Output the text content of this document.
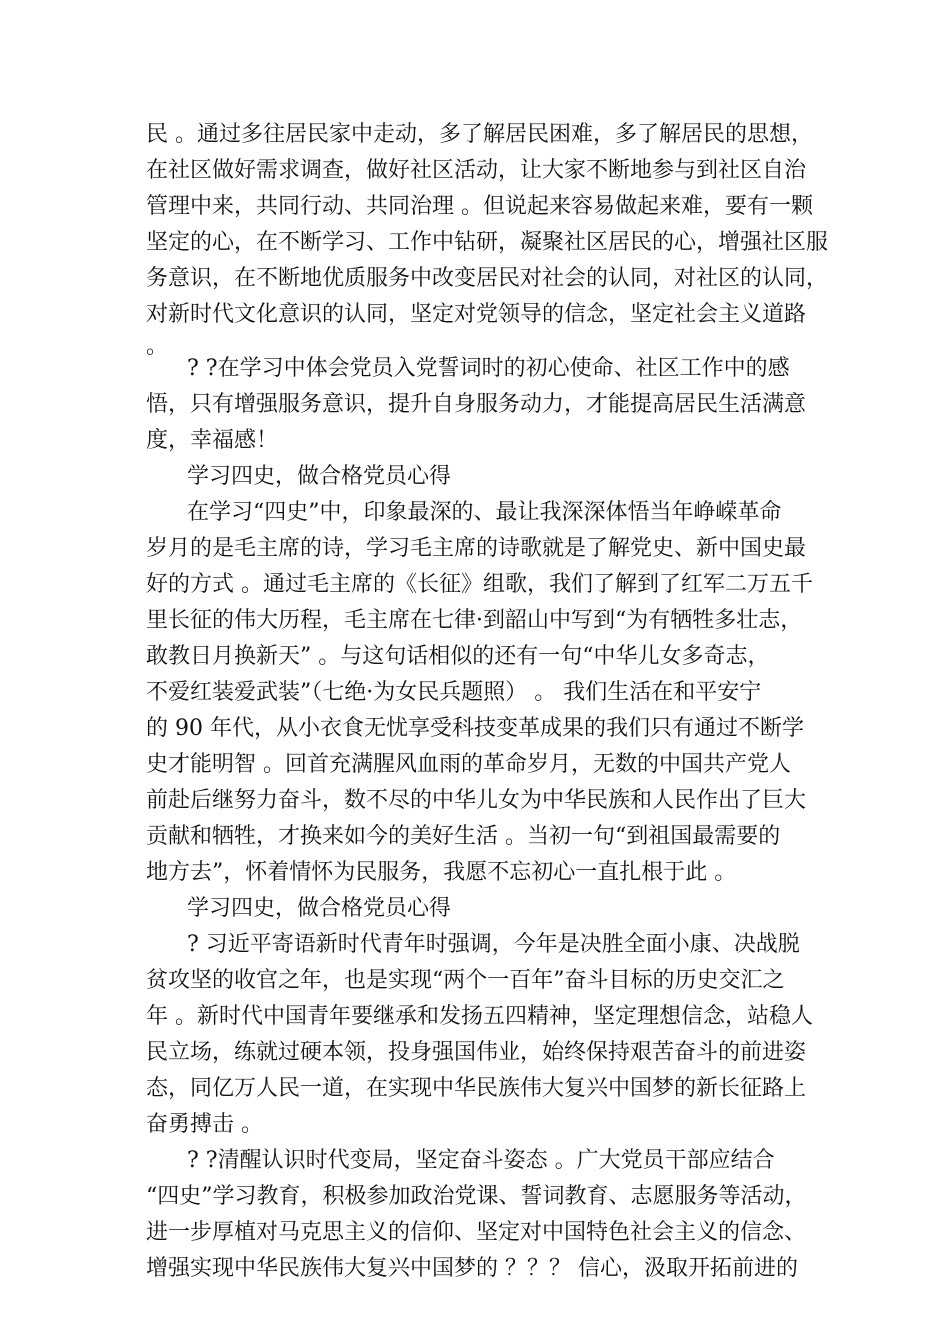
民 。通过多往居民家中走动，多了解居民困难，多了解居民的思想，
在社区做好需求调查，做好社区活动，让大家不断地参与到社区自治
管理中来，共同行动、共同治理 。但说起来容易做起来难，要有一颗
坚定的心，在不断学习、工作中钻研，凝聚社区居民的心，增强社区服
务意识，在不断地优质服务中改变居民对社会的认同，对社区的认同，
对新时代文化意识的认同，坚定对党领导的信念，坚定社会主义道路
。
? ?在学习中体会党员入党誓词时的初心使命、社区工作中的感
悟，只有增强服务意识，提升自身服务动力，才能提高居民生活满意
度，幸福感！
学习四史，做合格党员心得
在学习“四史”中，印象最深的、最让我深深体悟当年峥嵘革命
岁月的是毛主席的诗，学习毛主席的诗歌就是了解党史、新中国史最
好的方式 。通过毛主席的《长征》组歌，我们了解到了红军二万五千
里长征的伟大历程，毛主席在七律·到韶山中写到“为有牺牲多壮志，
敢教日月换新天” 。与这句话相似的还有一句“中华儿女多奇志，
不爱红装爱武装”（七绝·为女民兵题照） 。 我们生活在和平安宁
的 90 年代，从小衣食无忧享受科技变革成果的我们只有通过不断学
史才能明智 。回首充满腥风血雨的革命岁月，无数的中国共产党人
前赴后继努力奋斗，数不尽的中华儿女为中华民族和人民作出了巨大
贡献和牺牲，才换来如今的美好生活 。当初一句“到祖国最需要的
地方去”，怀着情怀为民服务，我愿不忘初心一直扎根于此 。
学习四史，做合格党员心得
? 习近平寄语新时代青年时强调，今年是决胜全面小康、决战脱
贫攻坚的收官之年，也是实现“两个一百年”奋斗目标的历史交汇之
年 。新时代中国青年要继承和发扬五四精神，坚定理想信念，站稳人
民立场，练就过硬本领，投身强国伟业，始终保持艰苦奋斗的前进姿
态，同亿万人民一道，在实现中华民族伟大复兴中国梦的新长征路上
奋勇搏击 。
? ?清醒认识时代变局，坚定奋斗姿态 。广大党员干部应结合
“四史”学习教育，积极参加政治党课、誓词教育、志愿服务等活动，
进一步厚植对马克思主义的信仰、坚定对中国特色社会主义的信念、
增强实现中华民族伟大复兴中国梦的 ？？？ 信心，汲取开拓前进的
